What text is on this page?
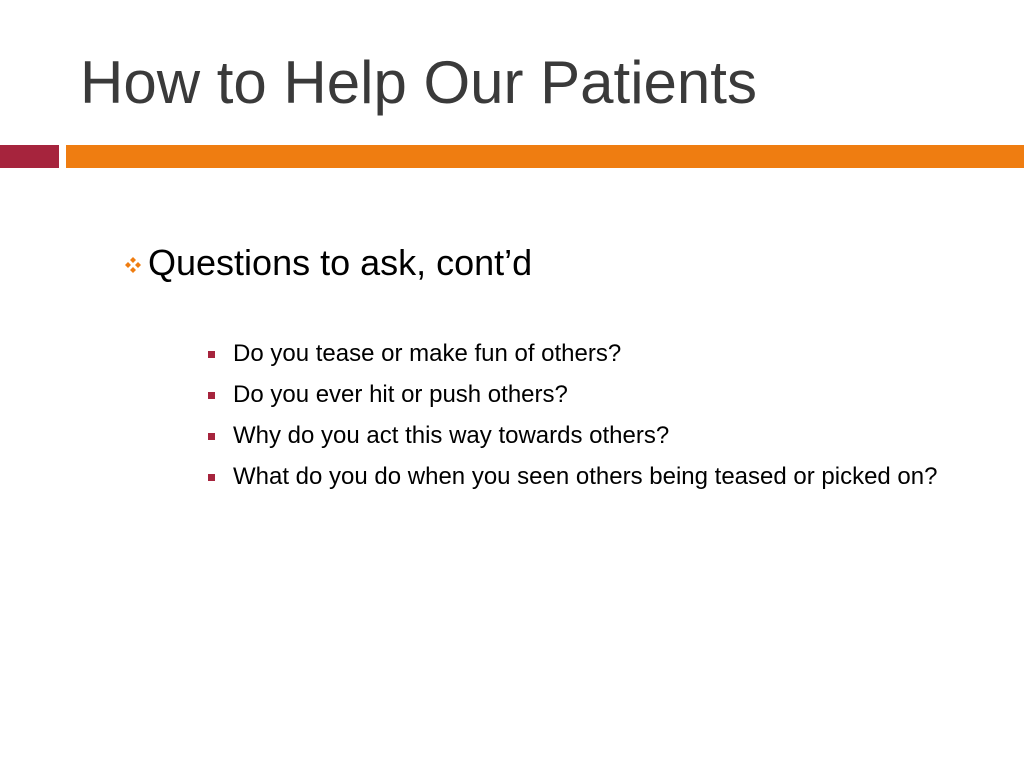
How to Help Our Patients
Questions to ask, cont’d
Do you tease or make fun of others?
Do you ever hit or push others?
Why do you act this way towards others?
What do you do when you seen others being teased or picked on?
